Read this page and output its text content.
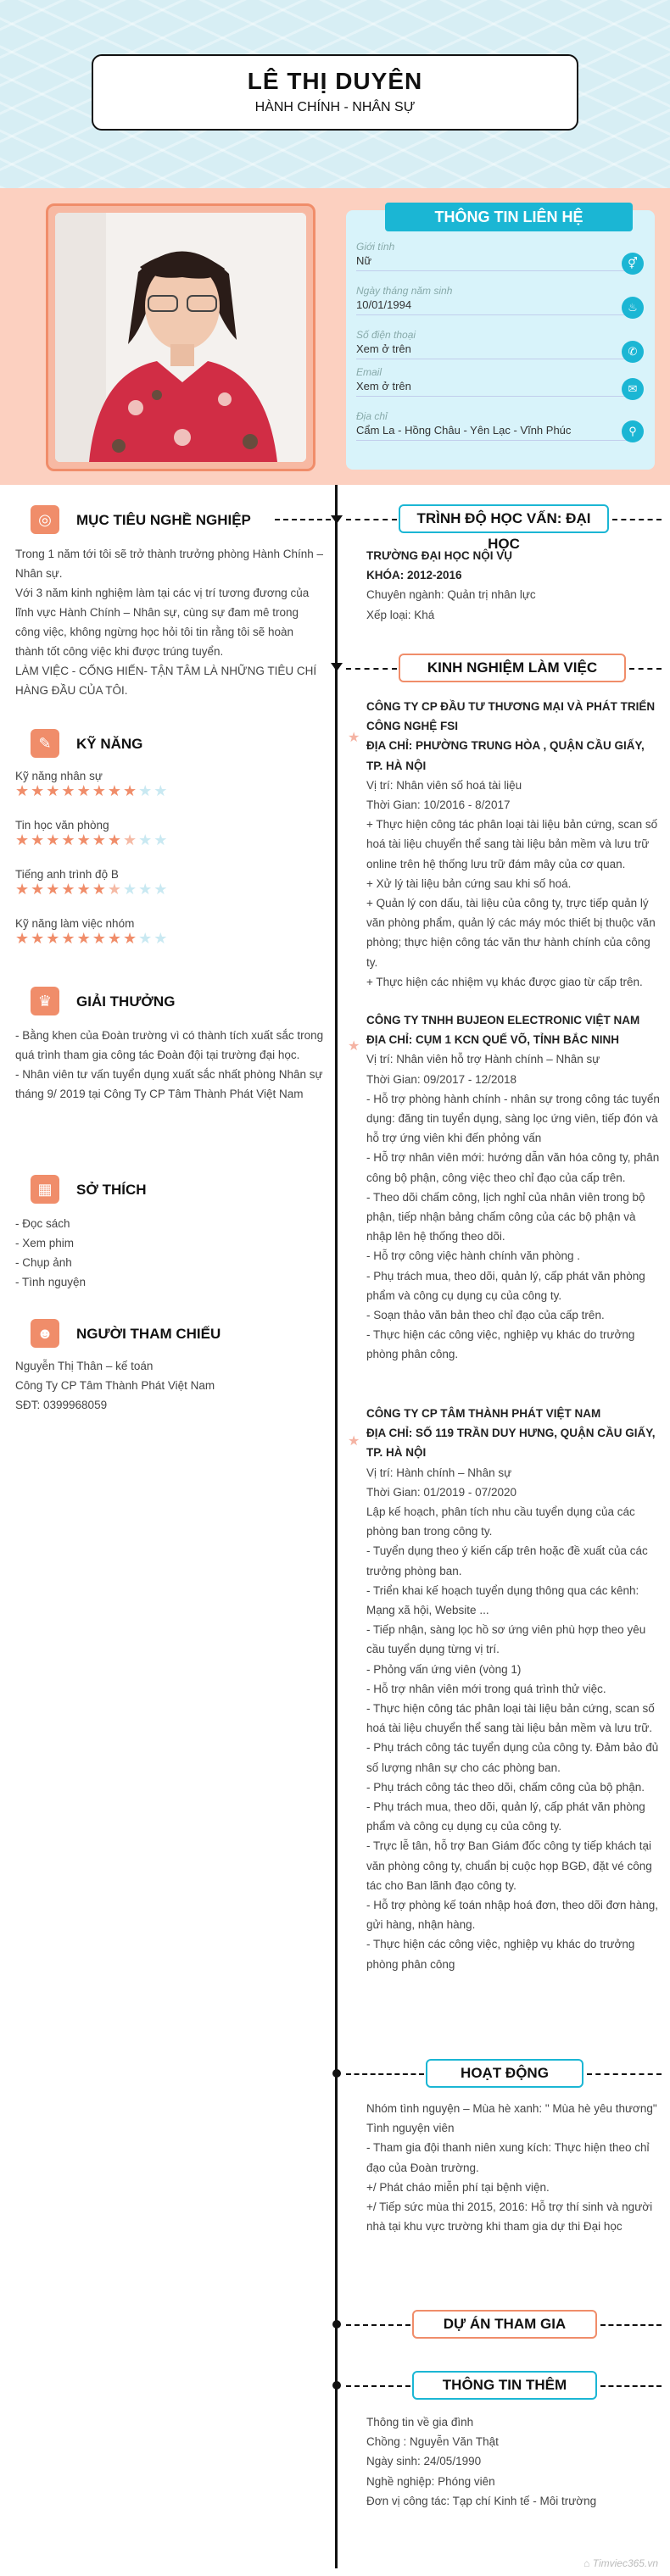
LÊ THỊ DUYÊN
HÀNH CHÍNH - NHÂN SỰ
THÔNG TIN LIÊN HỆ
Giới tính
Nữ	⚥
Ngày tháng năm sinh
10/01/1994	♨
Số điện thoại
Xem ở trên	✆
Email
Xem ở trên	✉
Địa chỉ
Cẩm La - Hồng Châu - Yên Lạc - Vĩnh Phúc	⚲
◎	MỤC TIÊU NGHỀ NGHIỆP
Trong 1 năm tới tôi sẽ trở thành trưởng phòng Hành Chính – Nhân sự.
Với 3 năm kinh nghiệm làm tại các vị trí tương đương của lĩnh vực Hành Chính – Nhân sự, cùng sự đam mê trong công việc, không ngừng học hỏi tôi tin rằng tôi sẽ hoàn thành tốt công việc khi được trúng tuyển.
LÀM VIỆC - CỐNG HIẾN- TẬN TÂM LÀ NHỮNG TIÊU CHÍ HÀNG ĐẦU CỦA TÔI.
✎	KỸ NĂNG
Kỹ năng nhân sự
★★★★★★★★★★
Tin học văn phòng
★★★★★★★★★★
Tiếng anh trình độ B
★★★★★★★★★★
Kỹ năng làm việc nhóm
★★★★★★★★★★
♛	GIẢI THƯỞNG
- Bằng khen của Đoàn trường vì có thành tích xuất sắc trong quá trình tham gia công tác Đoàn đội tại trường đại học.
- Nhân viên tư vấn tuyển dụng xuất sắc nhất phòng Nhân sự tháng 9/ 2019 tại Công Ty CP Tâm Thành Phát Việt Nam
▦	SỞ THÍCH
- Đọc sách
- Xem phim
- Chụp ảnh
- Tình nguyện
☻	NGƯỜI THAM CHIẾU
Nguyễn Thị Thân – kế toán
Công Ty CP Tâm Thành Phát Việt Nam
SĐT: 0399968059
TRÌNH ĐỘ HỌC VẤN: ĐẠI HỌC
TRƯỜNG ĐẠI HỌC NỘI VỤ
KHÓA: 2012-2016
Chuyên ngành: Quản trị nhân lực
Xếp loại: Khá
KINH NGHIỆM LÀM VIỆC
★
CÔNG TY CP ĐẦU TƯ THƯƠNG MẠI VÀ PHÁT TRIỂN CÔNG NGHỆ FSI
ĐỊA CHỈ: PHƯỜNG TRUNG HÒA , QUẬN CẦU GIẤY, TP. HÀ NỘI
Vị trí: Nhân viên số hoá tài liệu
Thời Gian: 10/2016 - 8/2017
+ Thực hiện công tác phân loại tài liệu bản cứng, scan số hoá tài liệu chuyển thể sang tài liệu bản mềm và lưu trữ online trên hệ thống lưu trữ đám mây của cơ quan.
+ Xử lý tài liệu bản cứng sau khi số hoá.
+ Quản lý con dấu, tài liệu của công ty, trực tiếp quản lý văn phòng phẩm, quản lý các máy móc thiết bị thuộc văn phòng; thực hiện công tác văn thư hành chính của công ty.
+ Thực hiện các nhiệm vụ khác được giao từ cấp trên.
★
CÔNG TY TNHH BUJEON ELECTRONIC VIỆT NAM
ĐỊA CHỈ: CỤM 1 KCN QUẾ VÕ, TỈNH BẮC NINH
Vị trí: Nhân viên hỗ trợ Hành chính – Nhân sự
Thời Gian: 09/2017 - 12/2018
- Hỗ trợ phòng hành chính - nhân sự trong công tác tuyển dụng: đăng tin tuyển dụng, sàng lọc ứng viên, tiếp đón và hỗ trợ ứng viên khi đến phỏng vấn
- Hỗ trợ nhân viên mới: hướng dẫn văn hóa công ty, phân công bộ phận, công việc theo chỉ đạo của cấp trên.
- Theo dõi chấm công, lịch nghỉ của nhân viên trong bộ phận, tiếp nhận bảng chấm công của các bộ phận và nhập lên hệ thống theo dõi.
- Hỗ trợ công việc hành chính văn phòng .
- Phụ trách mua, theo dõi, quản lý, cấp phát văn phòng phẩm và công cụ dụng cụ của công ty.
- Soạn thảo văn bản theo chỉ đạo của cấp trên.
- Thực hiện các công việc, nghiệp vụ khác do trưởng phòng phân công.
★
CÔNG TY CP TÂM THÀNH PHÁT VIỆT NAM
ĐỊA CHỈ: SỐ 119 TRẦN DUY HƯNG, QUẬN CẦU GIẤY, TP. HÀ NỘI
Vị trí: Hành chính – Nhân sự
Thời Gian: 01/2019 - 07/2020
Lập kế hoạch, phân tích nhu cầu tuyển dụng của các phòng ban trong công ty.
- Tuyển dụng theo ý kiến cấp trên hoặc đề xuất của các trưởng phòng ban.
- Triển khai kế hoạch tuyển dụng thông qua các kênh: Mạng xã hội, Website ...
- Tiếp nhận, sàng lọc hồ sơ ứng viên phù hợp theo yêu cầu tuyển dụng từng vị trí.
- Phỏng vấn ứng viên (vòng 1)
- Hỗ trợ nhân viên mới trong quá trình thử việc.
- Thực hiện công tác phân loại tài liệu bản cứng, scan số hoá tài liệu chuyển thể sang tài liệu bản mềm và lưu trữ.
- Phụ trách công tác tuyển dụng của công ty. Đảm bảo đủ số lượng nhân sự cho các phòng ban.
- Phụ trách công tác theo dõi, chấm công của bộ phận.
- Phụ trách mua, theo dõi, quản lý, cấp phát văn phòng phẩm và công cụ dụng cụ của công ty.
- Trực lễ tân, hỗ trợ Ban Giám đốc công ty tiếp khách tại văn phòng công ty, chuẩn bị cuộc họp BGĐ, đặt vé công tác cho Ban lãnh đạo công ty.
- Hỗ trợ phòng kế toán nhập hoá đơn, theo dõi đơn hàng, gửi hàng, nhận hàng.
- Thực hiện các công việc, nghiệp vụ khác do trưởng phòng phân công
HOẠT ĐỘNG
Nhóm tình nguyện – Mùa hè xanh: " Mùa hè yêu thương"
Tình nguyện viên
- Tham gia đội thanh niên xung kích: Thực hiện theo chỉ đạo của Đoàn trường.
+/ Phát cháo miễn phí tại bệnh viện.
+/ Tiếp sức mùa thi 2015, 2016: Hỗ trợ thí sinh và người nhà tại khu vực trường khi tham gia dự thi Đại học
DỰ ÁN THAM GIA
THÔNG TIN THÊM
Thông tin về gia đình
Chồng : Nguyễn Văn Thật
Ngày sinh: 24/05/1990
Nghề nghiệp: Phóng viên
Đơn vị công tác: Tạp chí Kinh tế - Môi trường
⌂ Timviec365.vn
